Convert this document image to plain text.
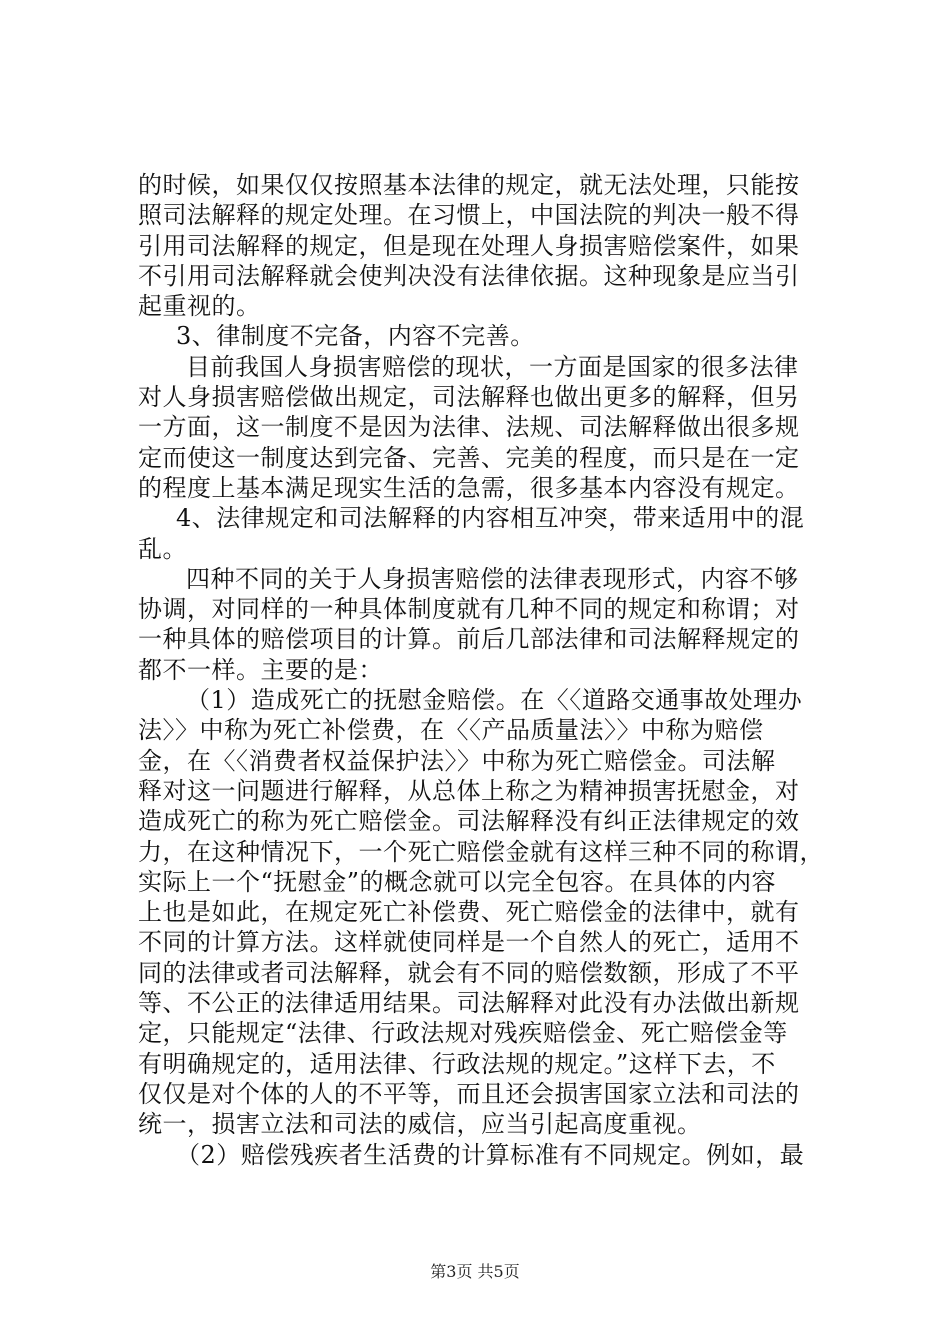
的时候，如果仅仅按照基本法律的规定，就无法处理，只能按
照司法解释的规定处理。在习惯上，中国法院的判决一般不得
引用司法解释的规定，但是现在处理人身损害赔偿案件，如果
不引用司法解释就会使判决没有法律依据。这种现象是应当引
起重视的。
3、律制度不完备，内容不完善。
目前我国人身损害赔偿的现状，一方面是国家的很多法律
对人身损害赔偿做出规定，司法解释也做出更多的解释，但另
一方面，这一制度不是因为法律、法规、司法解释做出很多规
定而使这一制度达到完备、完善、完美的程度，而只是在一定
的程度上基本满足现实生活的急需，很多基本内容没有规定。
4、法律规定和司法解释的内容相互冲突，带来适用中的混
乱。
四种不同的关于人身损害赔偿的法律表现形式，内容不够
协调，对同样的一种具体制度就有几种不同的规定和称谓；对
一种具体的赔偿项目的计算。前后几部法律和司法解释规定的
都不一样。主要的是：
（1）造成死亡的抚慰金赔偿。在〈〈道路交通事故处理办
法〉〉中称为死亡补偿费，在〈〈产品质量法〉〉中称为赔偿
金，在〈〈消费者权益保护法〉〉中称为死亡赔偿金。司法解
释对这一问题进行解释，从总体上称之为精神损害抚慰金，对
造成死亡的称为死亡赔偿金。司法解释没有纠正法律规定的效
力，在这种情况下，一个死亡赔偿金就有这样三种不同的称谓，
实际上一个“抚慰金”的概念就可以完全包容。在具体的内容
上也是如此，在规定死亡补偿费、死亡赔偿金的法律中，就有
不同的计算方法。这样就使同样是一个自然人的死亡，适用不
同的法律或者司法解释，就会有不同的赔偿数额，形成了不平
等、不公正的法律适用结果。司法解释对此没有办法做出新规
定，只能规定“法律、行政法规对残疾赔偿金、死亡赔偿金等
有明确规定的，适用法律、行政法规的规定。”这样下去，不
仅仅是对个体的人的不平等，而且还会损害国家立法和司法的
统一，损害立法和司法的威信，应当引起高度重视。
（2）赔偿残疾者生活费的计算标准有不同规定。例如，最
第3页 共5页
